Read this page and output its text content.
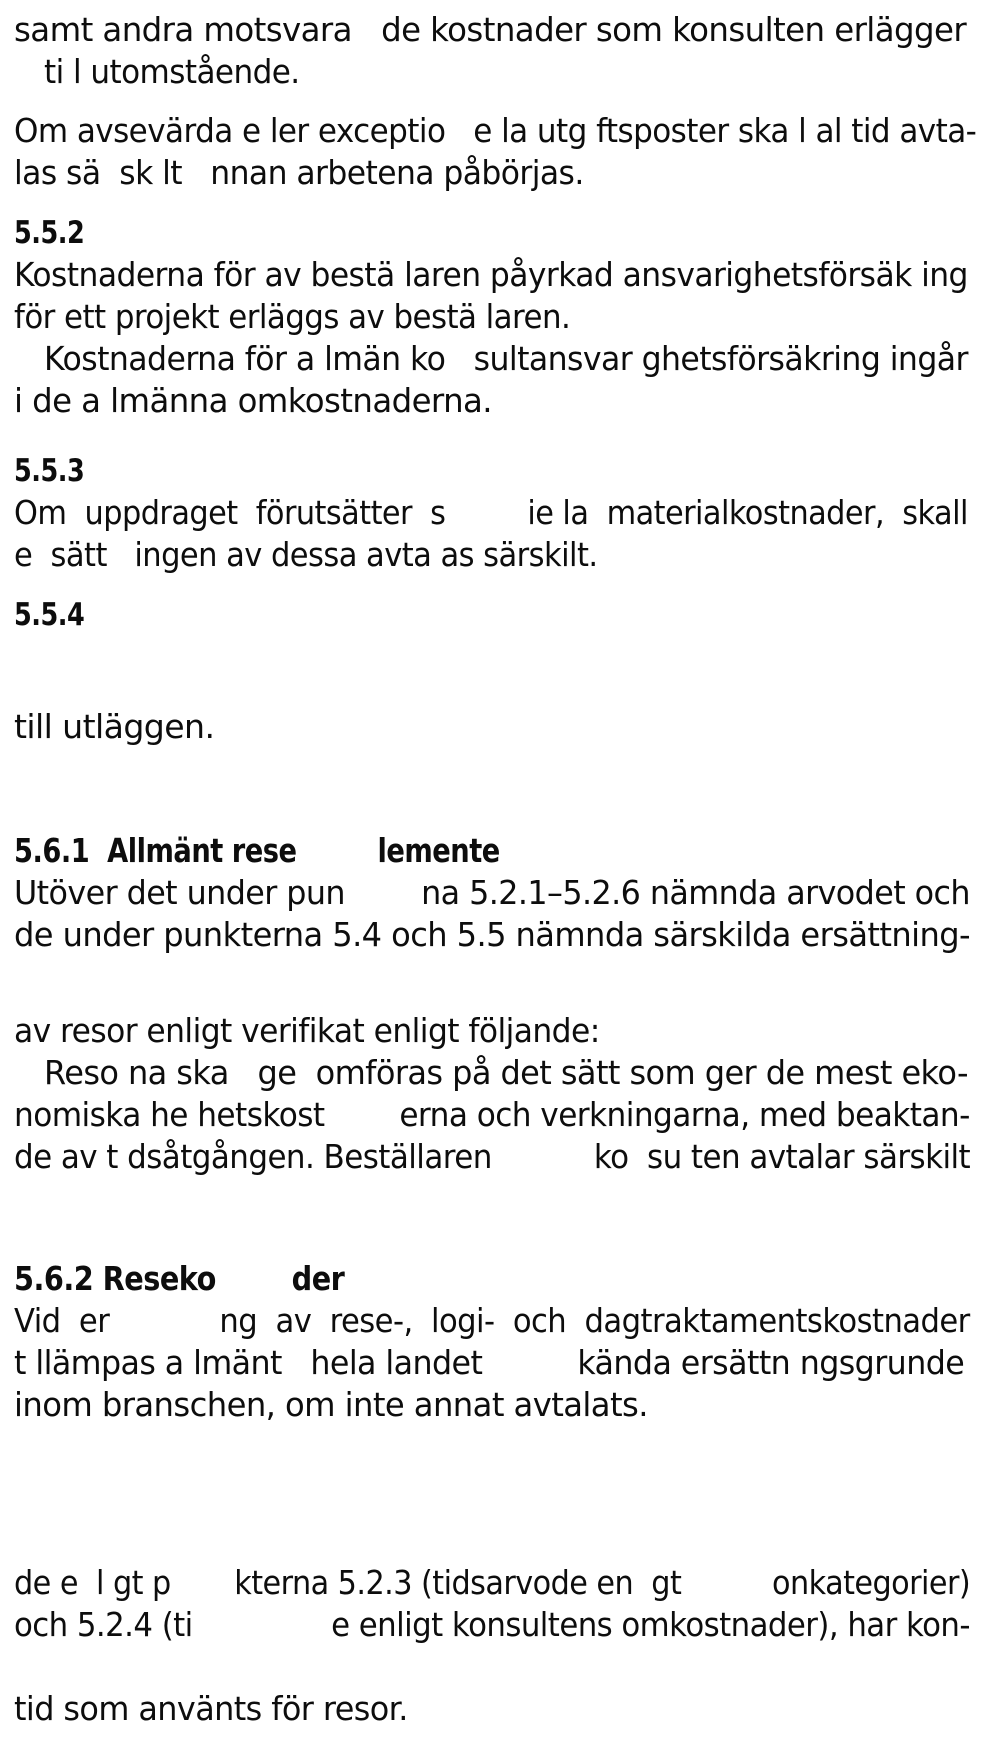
samt andra motsvara   de kostnader som konsulten erlägger
ti l utomstående.
Om avsevärda e ler exceptio   e la utg ftsposter ska l al tid avta-
las sä  sk lt   nnan arbetena påbörjas.
5.5.2
Kostnaderna för av bestä laren påyrkad ansvarighetsförsäk ing
för ett projekt erläggs av bestä laren.
Kostnaderna för a lmän ko   sultansvar ghetsförsäkring ingår
i de a lmänna omkostnaderna.
5.5.3
Om  uppdraget  förutsätter  s         ie la  materialkostnader,  skall
e  sätt   ingen av dessa avta as särskilt.
5.5.4
till utläggen.
5.6.1  Allmänt rese         lemente
Utöver det under pun        na 5.2.1–5.2.6 nämnda arvodet och
de under punkterna 5.4 och 5.5 nämnda särskilda ersättning-
av resor enligt verifikat enligt följande:
Reso na ska   ge  omföras på det sätt som ger de mest eko-
nomiska he hetskost        erna och verkningarna, med beaktan-
de av t dsåtgången. Beställaren           ko  su ten avtalar särskilt
5.6.2 Reseko        der
Vid  er            ng  av  rese-,  logi-  och  dagtraktamentskostnader
t llämpas a lmänt   hela landet          kända ersättn ngsgrunde
inom branschen, om inte annat avtalats.
de e  l gt p       kterna 5.2.3 (tidsarvode en  gt          onkategorier)
och 5.2.4 (ti               e enligt konsultens omkostnader), har kon-
tid som använts för resor.
